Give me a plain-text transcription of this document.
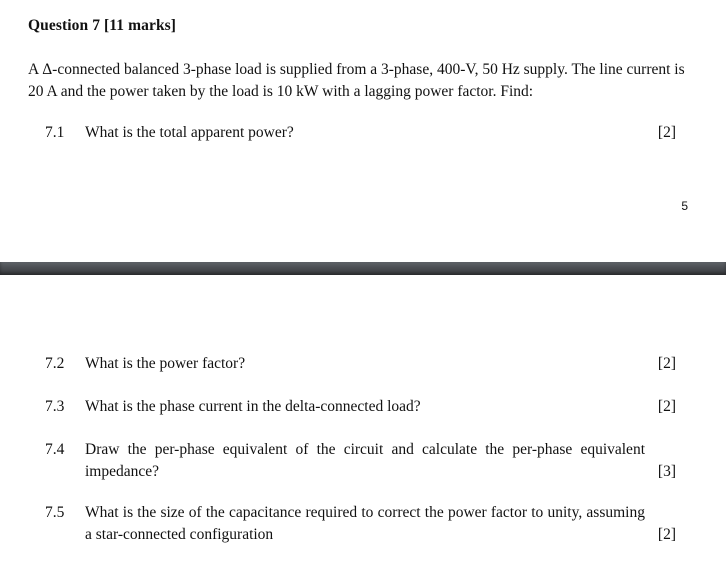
Question 7 [11 marks]
A Δ-connected balanced 3-phase load is supplied from a 3-phase, 400-V, 50 Hz supply. The line current is 20 A and the power taken by the load is 10 kW with a lagging power factor. Find:
7.1	What is the total apparent power?	[2]
5
7.2	What is the power factor?	[2]
7.3	What is the phase current in the delta-connected load?	[2]
7.4	Draw the per-phase equivalent of the circuit and calculate the per-phase equivalent impedance?	[3]
7.5	What is the size of the capacitance required to correct the power factor to unity, assuming a star-connected configuration	[2]
